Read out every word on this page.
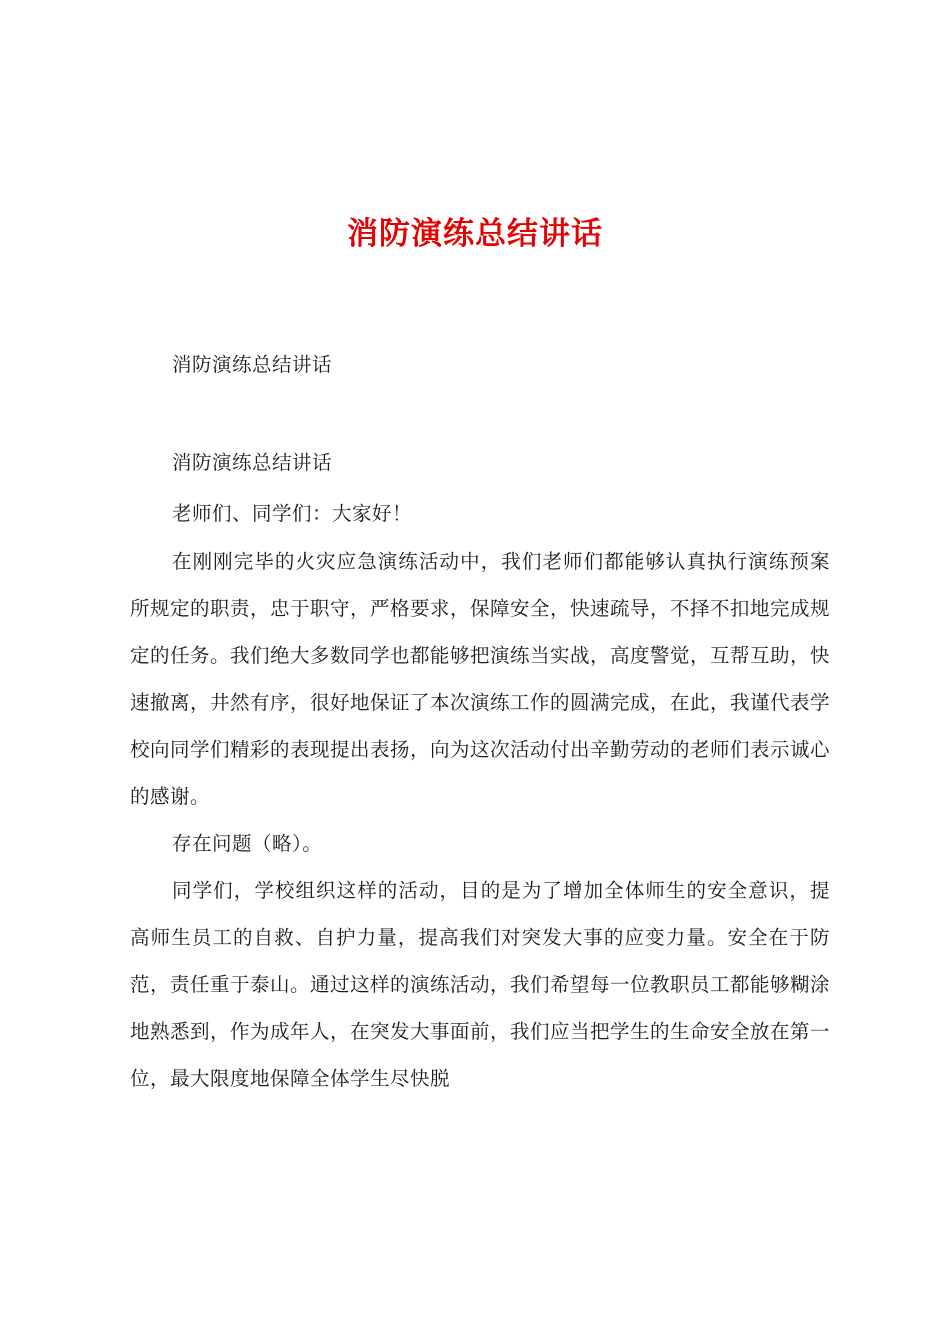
消防演练总结讲话

消防演练总结讲话

消防演练总结讲话

老师们、同学们：大家好！

在刚刚完毕的火灾应急演练活动中，我们老师们都能够认真执行演练预案所规定的职责，忠于职守，严格要求，保障安全，快速疏导，不择不扣地完成规定的任务。我们绝大多数同学也都能够把演练当实战，高度警觉，互帮互助，快速撤离，井然有序，很好地保证了本次演练工作的圆满完成，在此，我谨代表学校向同学们精彩的表现提出表扬，向为这次活动付出辛勤劳动的老师们表示诚心的感谢。

存在问题（略）。

同学们，学校组织这样的活动，目的是为了增加全体师生的安全意识，提高师生员工的自救、自护力量，提高我们对突发大事的应变力量。安全在于防范，责任重于泰山。通过这样的演练活动，我们希望每一位教职员工都能够糊涂地熟悉到，作为成年人，在突发大事面前，我们应当把学生的生命安全放在第一位，最大限度地保障全体学生尽快脱
